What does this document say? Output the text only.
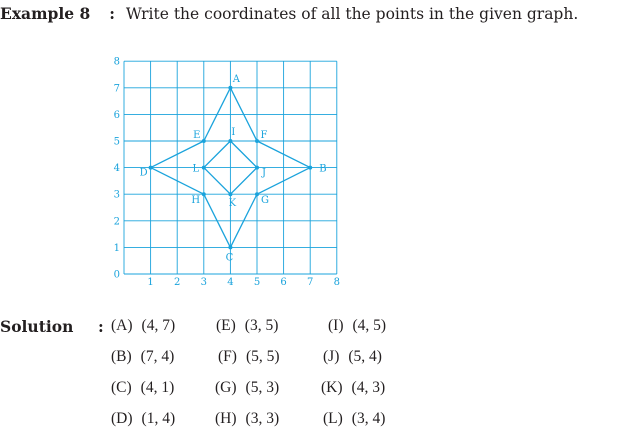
Example 8 : Write the coordinates of all the points in the given graph.
1 2 3 4 5 6 7 8
0
1
2
3
4
5
6
7
8
A
B
C
D
E	F
G
H
I
J
K
L
Solution : (A) (4, 7)	(E) (3, 5)	(I) (4, 5)
(B) (7, 4)	(F) (5, 5)	(J) (5, 4)
(C) (4, 1)	(G) (5, 3)	(K) (4, 3)
(D) (1, 4)	(H) (3, 3)	(L) (3, 4)
